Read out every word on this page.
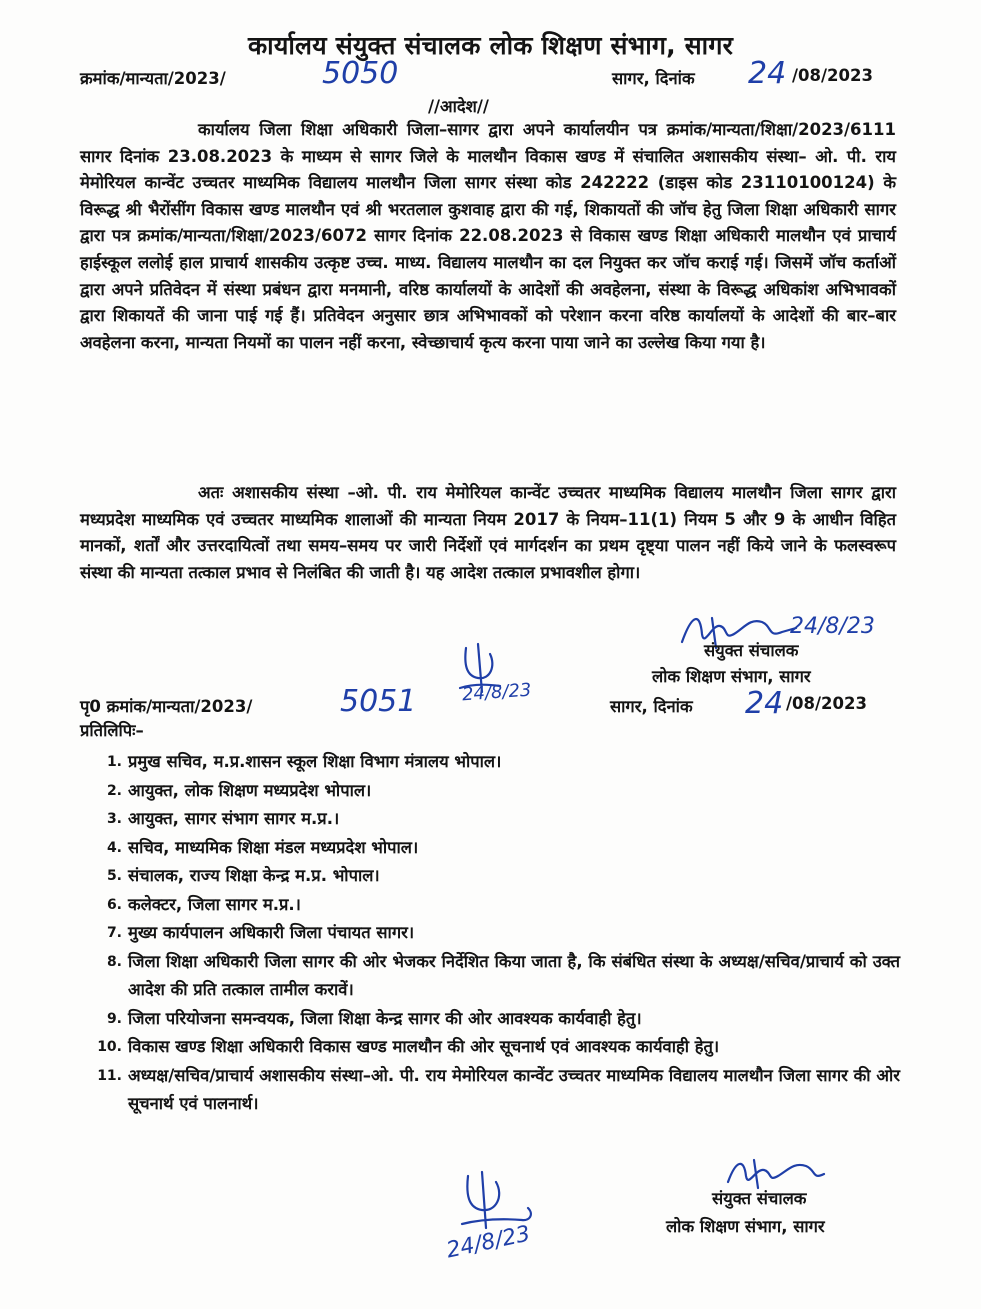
कार्यालय संयुक्त संचालक लोक शिक्षण संभाग, सागर
क्रमांक/मान्यता/2023/	5050	सागर, दिनांक 24 /08/2023
//आदेश//
कार्यालय जिला शिक्षा अधिकारी जिला–सागर द्वारा अपने कार्यालयीन पत्र क्रमांक/मान्यता/शिक्षा/2023/6111 सागर दिनांक 23.08.2023 के माध्यम से सागर जिले के मालथौन विकास खण्ड में संचालित अशासकीय संस्था– ओ. पी. राय मेमोरियल कान्वेंट उच्चतर माध्यमिक विद्यालय मालथौन जिला सागर संस्था कोड 242222 (डाइस कोड 23110100124) के विरूद्ध श्री भैरोंसींग विकास खण्ड मालथौन एवं श्री भरतलाल कुशवाह द्वारा की गई, शिकायतों की जॉच हेतु जिला शिक्षा अधिकारी सागर द्वारा पत्र क्रमांक/मान्यता/शिक्षा/2023/6072 सागर दिनांक 22.08.2023 से विकास खण्ड शिक्षा अधिकारी मालथौन एवं प्राचार्य हाईस्कूल ललोई हाल प्राचार्य शासकीय उत्कृष्ट उच्च. माध्य. विद्यालय मालथौन का दल नियुक्त कर जॉच कराई गई। जिसमें जॉच कर्ताओं द्वारा अपने प्रतिवेदन में संस्था प्रबंधन द्वारा मनमानी, वरिष्ठ कार्यालयों के आदेशों की अवहेलना, संस्था के विरूद्ध अधिकांश अभिभावकों द्वारा शिकायतें की जाना पाई गई हैं। प्रतिवेदन अनुसार छात्र अभिभावकों को परेशान करना वरिष्ठ कार्यालयों के आदेशों की बार–बार अवहेलना करना, मान्यता नियमों का पालन नहीं करना, स्वेच्छाचार्य कृत्य करना पाया जाने का उल्लेख किया गया है।
अतः अशासकीय संस्था –ओ. पी. राय मेमोरियल कान्वेंट उच्चतर माध्यमिक विद्यालय मालथौन जिला सागर द्वारा मध्यप्रदेश माध्यमिक एवं उच्चतर माध्यमिक शालाओं की मान्यता नियम 2017 के नियम–11(1) नियम 5 और 9 के आधीन विहित मानकों, शर्तों और उत्तरदायित्वों तथा समय–समय पर जारी निर्देशों एवं मार्गदर्शन का प्रथम दृष्ट्या पालन नहीं किये जाने के फलस्वरूप संस्था की मान्यता तत्काल प्रभाव से निलंबित की जाती है। यह आदेश तत्काल प्रभावशील होगा।
24/8/23
संयुक्त संचालक
लोक शिक्षण संभाग, सागर
पृ0 क्रमांक/मान्यता/2023/	5051 24/8/23
सागर, दिनांक 24 /08/2023
प्रतिलिपिः–
1. प्रमुख सचिव, म.प्र.शासन स्कूल शिक्षा विभाग मंत्रालय भोपाल।
2. आयुक्त, लोक शिक्षण मध्यप्रदेश भोपाल।
3. आयुक्त, सागर संभाग सागर म.प्र.।
4. सचिव, माध्यमिक शिक्षा मंडल मध्यप्रदेश भोपाल।
5. संचालक, राज्य शिक्षा केन्द्र म.प्र. भोपाल।
6. कलेक्टर, जिला सागर म.प्र.।
7. मुख्य कार्यपालन अधिकारी जिला पंचायत सागर।
8. जिला शिक्षा अधिकारी जिला सागर की ओर भेजकर निर्देशित किया जाता है, कि संबंधित संस्था के अध्यक्ष/सचिव/प्राचार्य को उक्त आदेश की प्रति तत्काल तामील करावें।
9. जिला परियोजना समन्वयक, जिला शिक्षा केन्द्र सागर की ओर आवश्यक कार्यवाही हेतु।
10. विकास खण्ड शिक्षा अधिकारी विकास खण्ड मालथौन की ओर सूचनार्थ एवं आवश्यक कार्यवाही हेतु।
11. अध्यक्ष/सचिव/प्राचार्य अशासकीय संस्था–ओ. पी. राय मेमोरियल कान्वेंट उच्चतर माध्यमिक विद्यालय मालथौन जिला सागर की ओर सूचनार्थ एवं पालनार्थ।
संयुक्त संचालक
लोक शिक्षण संभाग, सागर
24/8/23
